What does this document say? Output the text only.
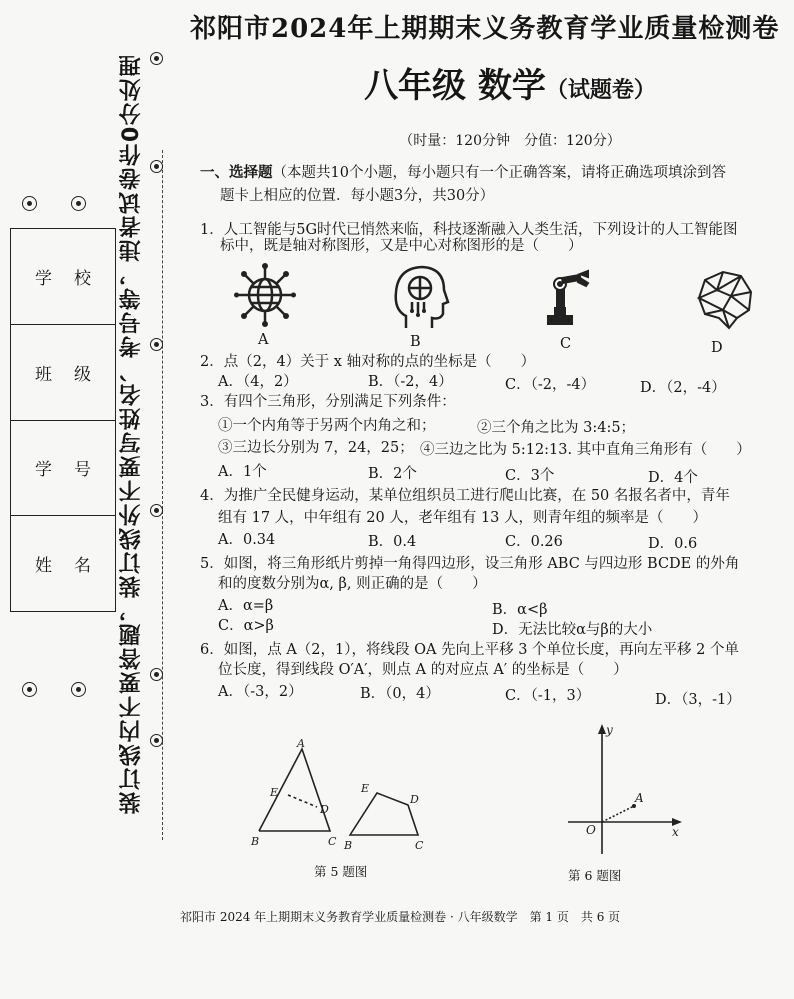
装订线内不要答题，装订线外不要写姓名、考号等，违者试卷作0分处理
学校
班级
学号
姓名
祁阳市2024年上期期末义务教育学业质量检测卷
八年级 数学（试题卷）
（时量：120分钟　分值：120分）
一、选择题（本题共10个小题，每小题只有一个正确答案，请将正确选项填涂到答
题卡上相应的位置．每小题3分，共30分）
1．人工智能与5G时代已悄然来临，科技逐渐融入人类生活，下列设计的人工智能图
标中，既是轴对称图形，又是中心对称图形的是（　　）
A	B	C	D
2．点（2，4）关于 x 轴对称的点的坐标是（　　）
A．（4，2）	B．（-2，4）	C．（-2，-4）	D．（2，-4）
3．有四个三角形，分别满足下列条件：
①一个内角等于另两个内角之和；	②三个角之比为 3:4:5；
③三边长分别为 7，24，25； ④三边之比为 5:12:13. 其中直角三角形有（　　）
A．1个	B．2个	C．3个	D．4个
4．为推广全民健身运动，某单位组织员工进行爬山比赛，在 50 名报名者中，青年
组有 17 人，中年组有 20 人，老年组有 13 人，则青年组的频率是（　　）
A．0.34	B．0.4	C．0.26	D．0.6
5．如图，将三角形纸片剪掉一角得四边形，设三角形 ABC 与四边形 BCDE 的外角
和的度数分别为α, β, 则正确的是（　　）
A．α=β	B．α<β
C．α>β	D．无法比较α与β的大小
6．如图，点 A（2，1），将线段 OA 先向上平移 3 个单位长度，再向左平移 2 个单
位长度，得到线段 O′A′，则点 A 的对应点 A′ 的坐标是（　　）
A．（-3，2）	B．（0，4）	C．（-1，3）	D．（3，-1）
A
E
D
B	C
E
D
B	C
第 5 题图
y
A
O	x
第 6 题图
祁阳市 2024 年上期期末义务教育学业质量检测卷 · 八年级数学　第 1 页　共 6 页
